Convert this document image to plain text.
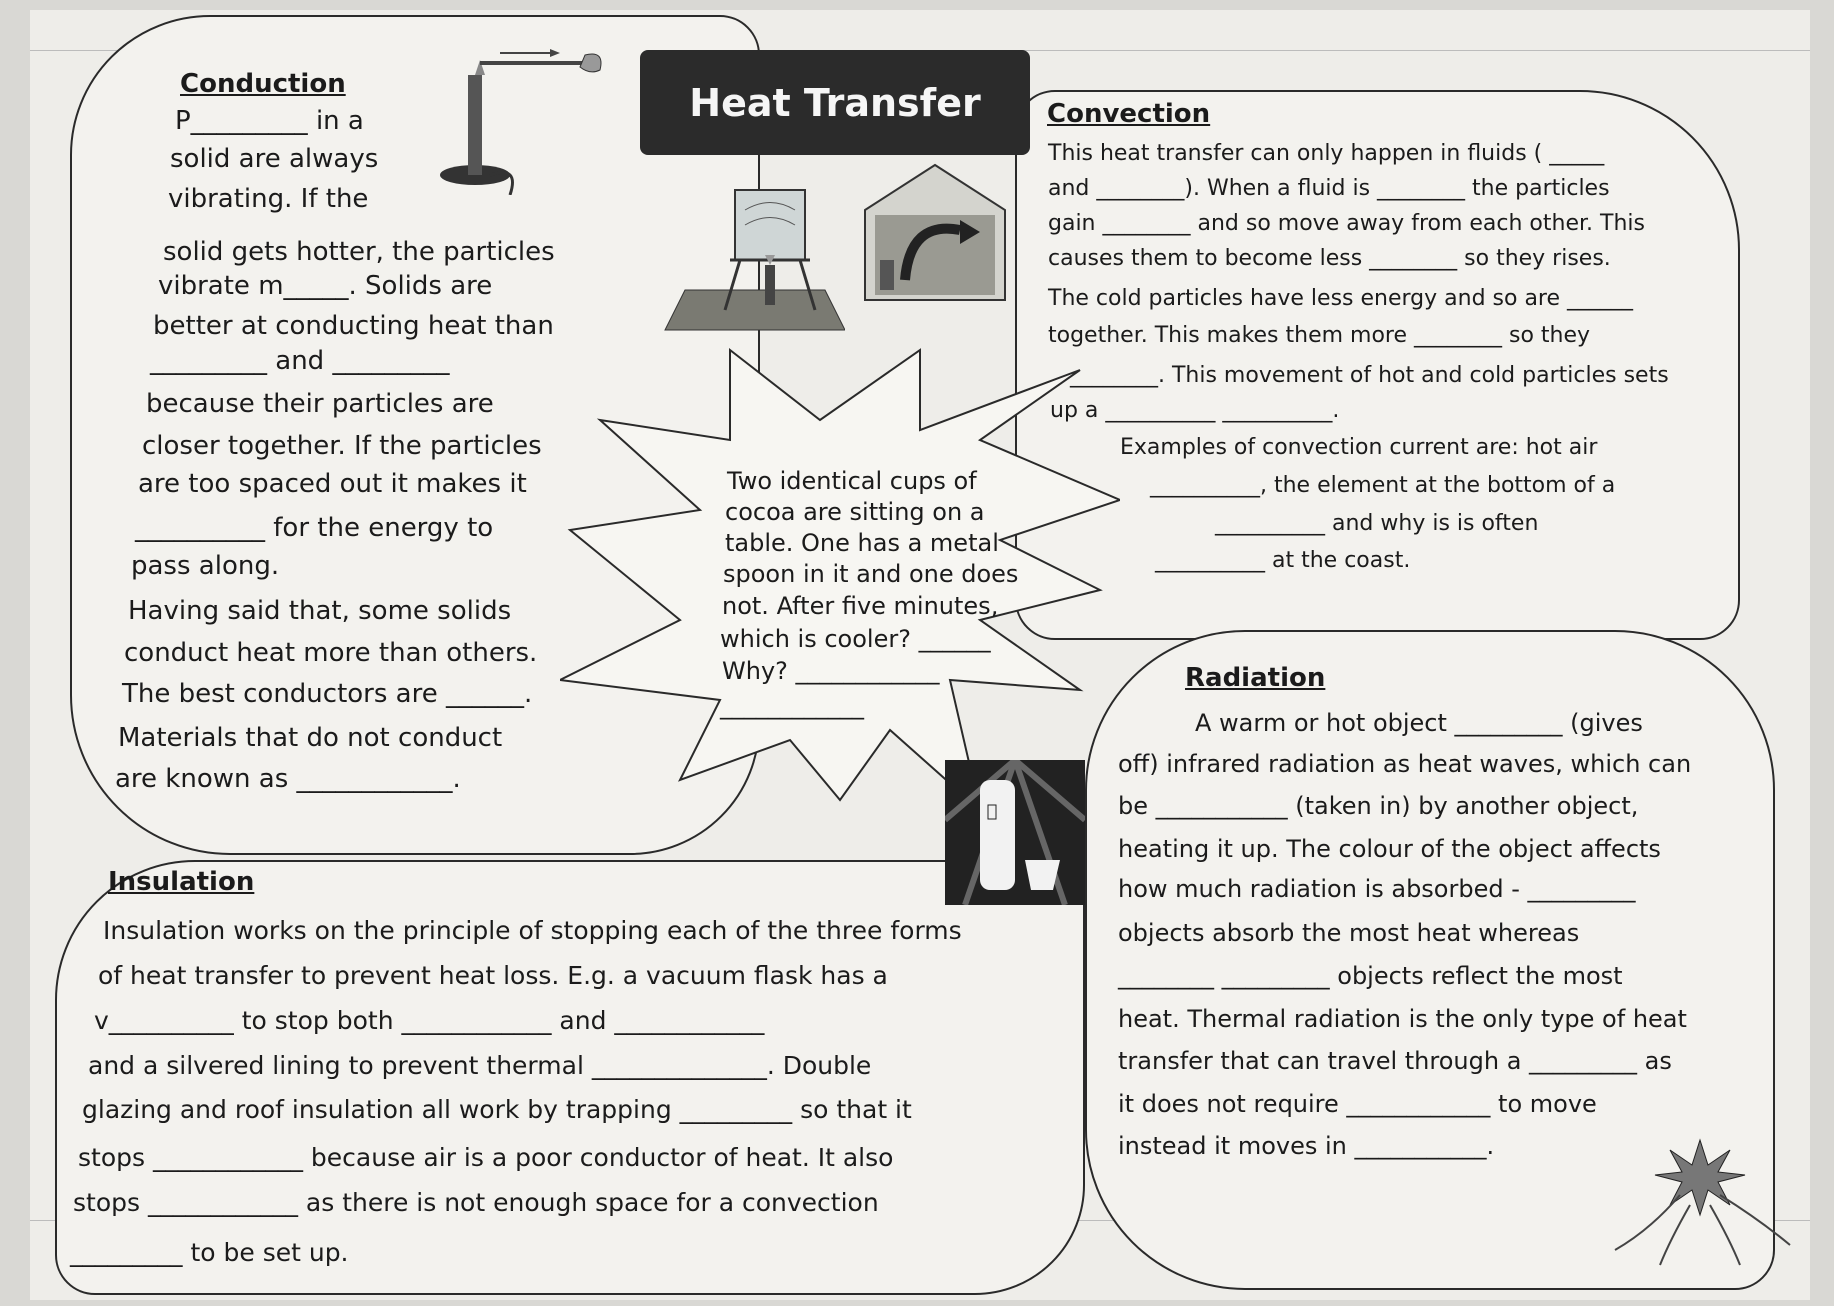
Heat Transfer
Conduction
P_________ in a
solid are always
vibrating. If the
solid gets hotter, the particles
vibrate m_____. Solids are
better at conducting heat than
_________ and _________
because their particles are
closer together. If the particles
are too spaced out it makes it
__________ for the energy to
pass along.
Having said that, some solids
conduct heat more than others.
The best conductors are ______.
Materials that do not conduct
are known as ____________.
Convection
This heat transfer can only happen in fluids ( _____
and ________). When a fluid is ________ the particles
gain ________ and so move away from each other. This
causes them to become less ________ so they rises.
The cold particles have less energy and so are ______
together. This makes them more ________ so they
________. This movement of hot and cold particles sets
up a __________ __________.
Examples of convection current are: hot air
__________, the element at the bottom of a
__________ and why is is often
__________ at the coast.
Two identical cups of
cocoa are sitting on a
table. One has a metal
spoon in it and one does
not. After five minutes,
which is cooler? ______
Why? ____________
____________
Radiation
A warm or hot object _________ (gives
off) infrared radiation as heat waves, which can
be ___________ (taken in) by another object,
heating it up. The colour of the object affects
how much radiation is absorbed - _________
objects absorb the most heat whereas
________ _________ objects reflect the most
heat. Thermal radiation is the only type of heat
transfer that can travel through a _________ as
it does not require ____________ to move
instead it moves in ___________.
Insulation
Insulation works on the principle of stopping each of the three forms
of heat transfer to prevent heat loss. E.g. a vacuum flask has a
v__________ to stop both ____________ and ____________
and a silvered lining to prevent thermal ______________. Double
glazing and roof insulation all work by trapping _________ so that it
stops ____________ because air is a poor conductor of heat. It also
stops ____________ as there is not enough space for a convection
_________ to be set up.
